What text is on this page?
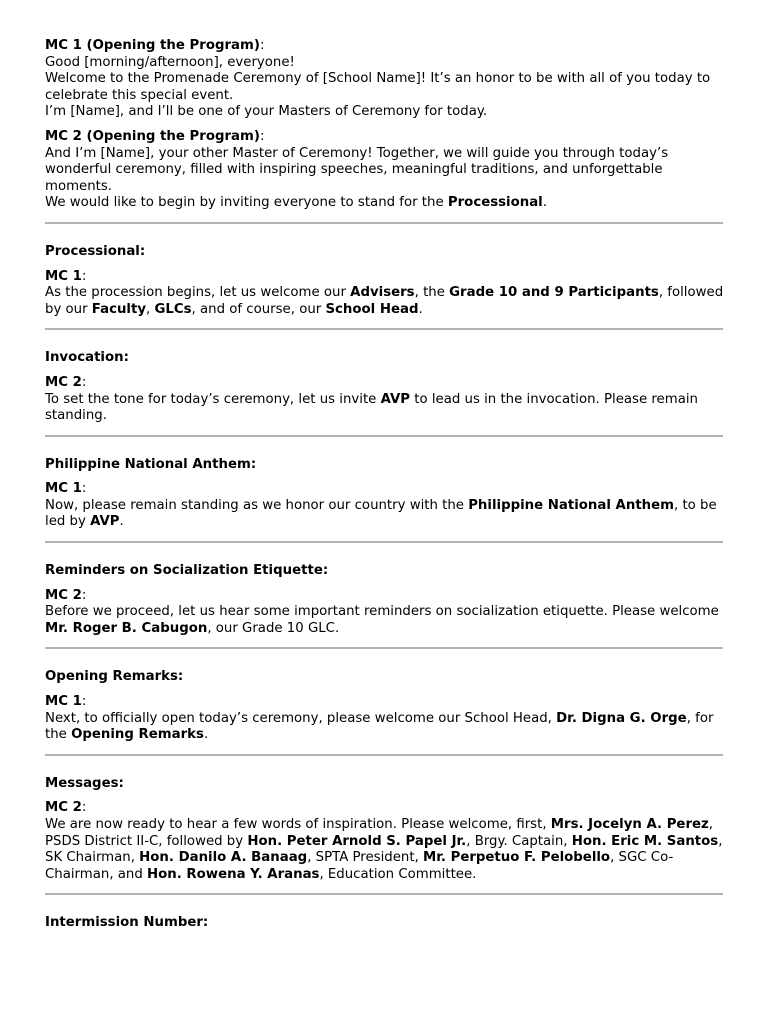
MC 1 (Opening the Program):
Good [morning/afternoon], everyone!
Welcome to the Promenade Ceremony of [School Name]! It’s an honor to be with all of you today to celebrate this special event.
I’m [Name], and I’ll be one of your Masters of Ceremony for today.

MC 2 (Opening the Program):
And I’m [Name], your other Master of Ceremony! Together, we will guide you through today’s wonderful ceremony, filled with inspiring speeches, meaningful traditions, and unforgettable moments.
We would like to begin by inviting everyone to stand for the Processional.

Processional:

MC 1:
As the procession begins, let us welcome our Advisers, the Grade 10 and 9 Participants, followed by our Faculty, GLCs, and of course, our School Head.

Invocation:

MC 2:
To set the tone for today’s ceremony, let us invite AVP to lead us in the invocation. Please remain standing.

Philippine National Anthem:

MC 1:
Now, please remain standing as we honor our country with the Philippine National Anthem, to be led by AVP.

Reminders on Socialization Etiquette:

MC 2:
Before we proceed, let us hear some important reminders on socialization etiquette. Please welcome Mr. Roger B. Cabugon, our Grade 10 GLC.

Opening Remarks:

MC 1:
Next, to officially open today’s ceremony, please welcome our School Head, Dr. Digna G. Orge, for the Opening Remarks.

Messages:

MC 2:
We are now ready to hear a few words of inspiration. Please welcome, first, Mrs. Jocelyn A. Perez, PSDS District II-C, followed by Hon. Peter Arnold S. Papel Jr., Brgy. Captain, Hon. Eric M. Santos, SK Chairman, Hon. Danilo A. Banaag, SPTA President, Mr. Perpetuo F. Pelobello, SGC Co-Chairman, and Hon. Rowena Y. Aranas, Education Committee.

Intermission Number:
